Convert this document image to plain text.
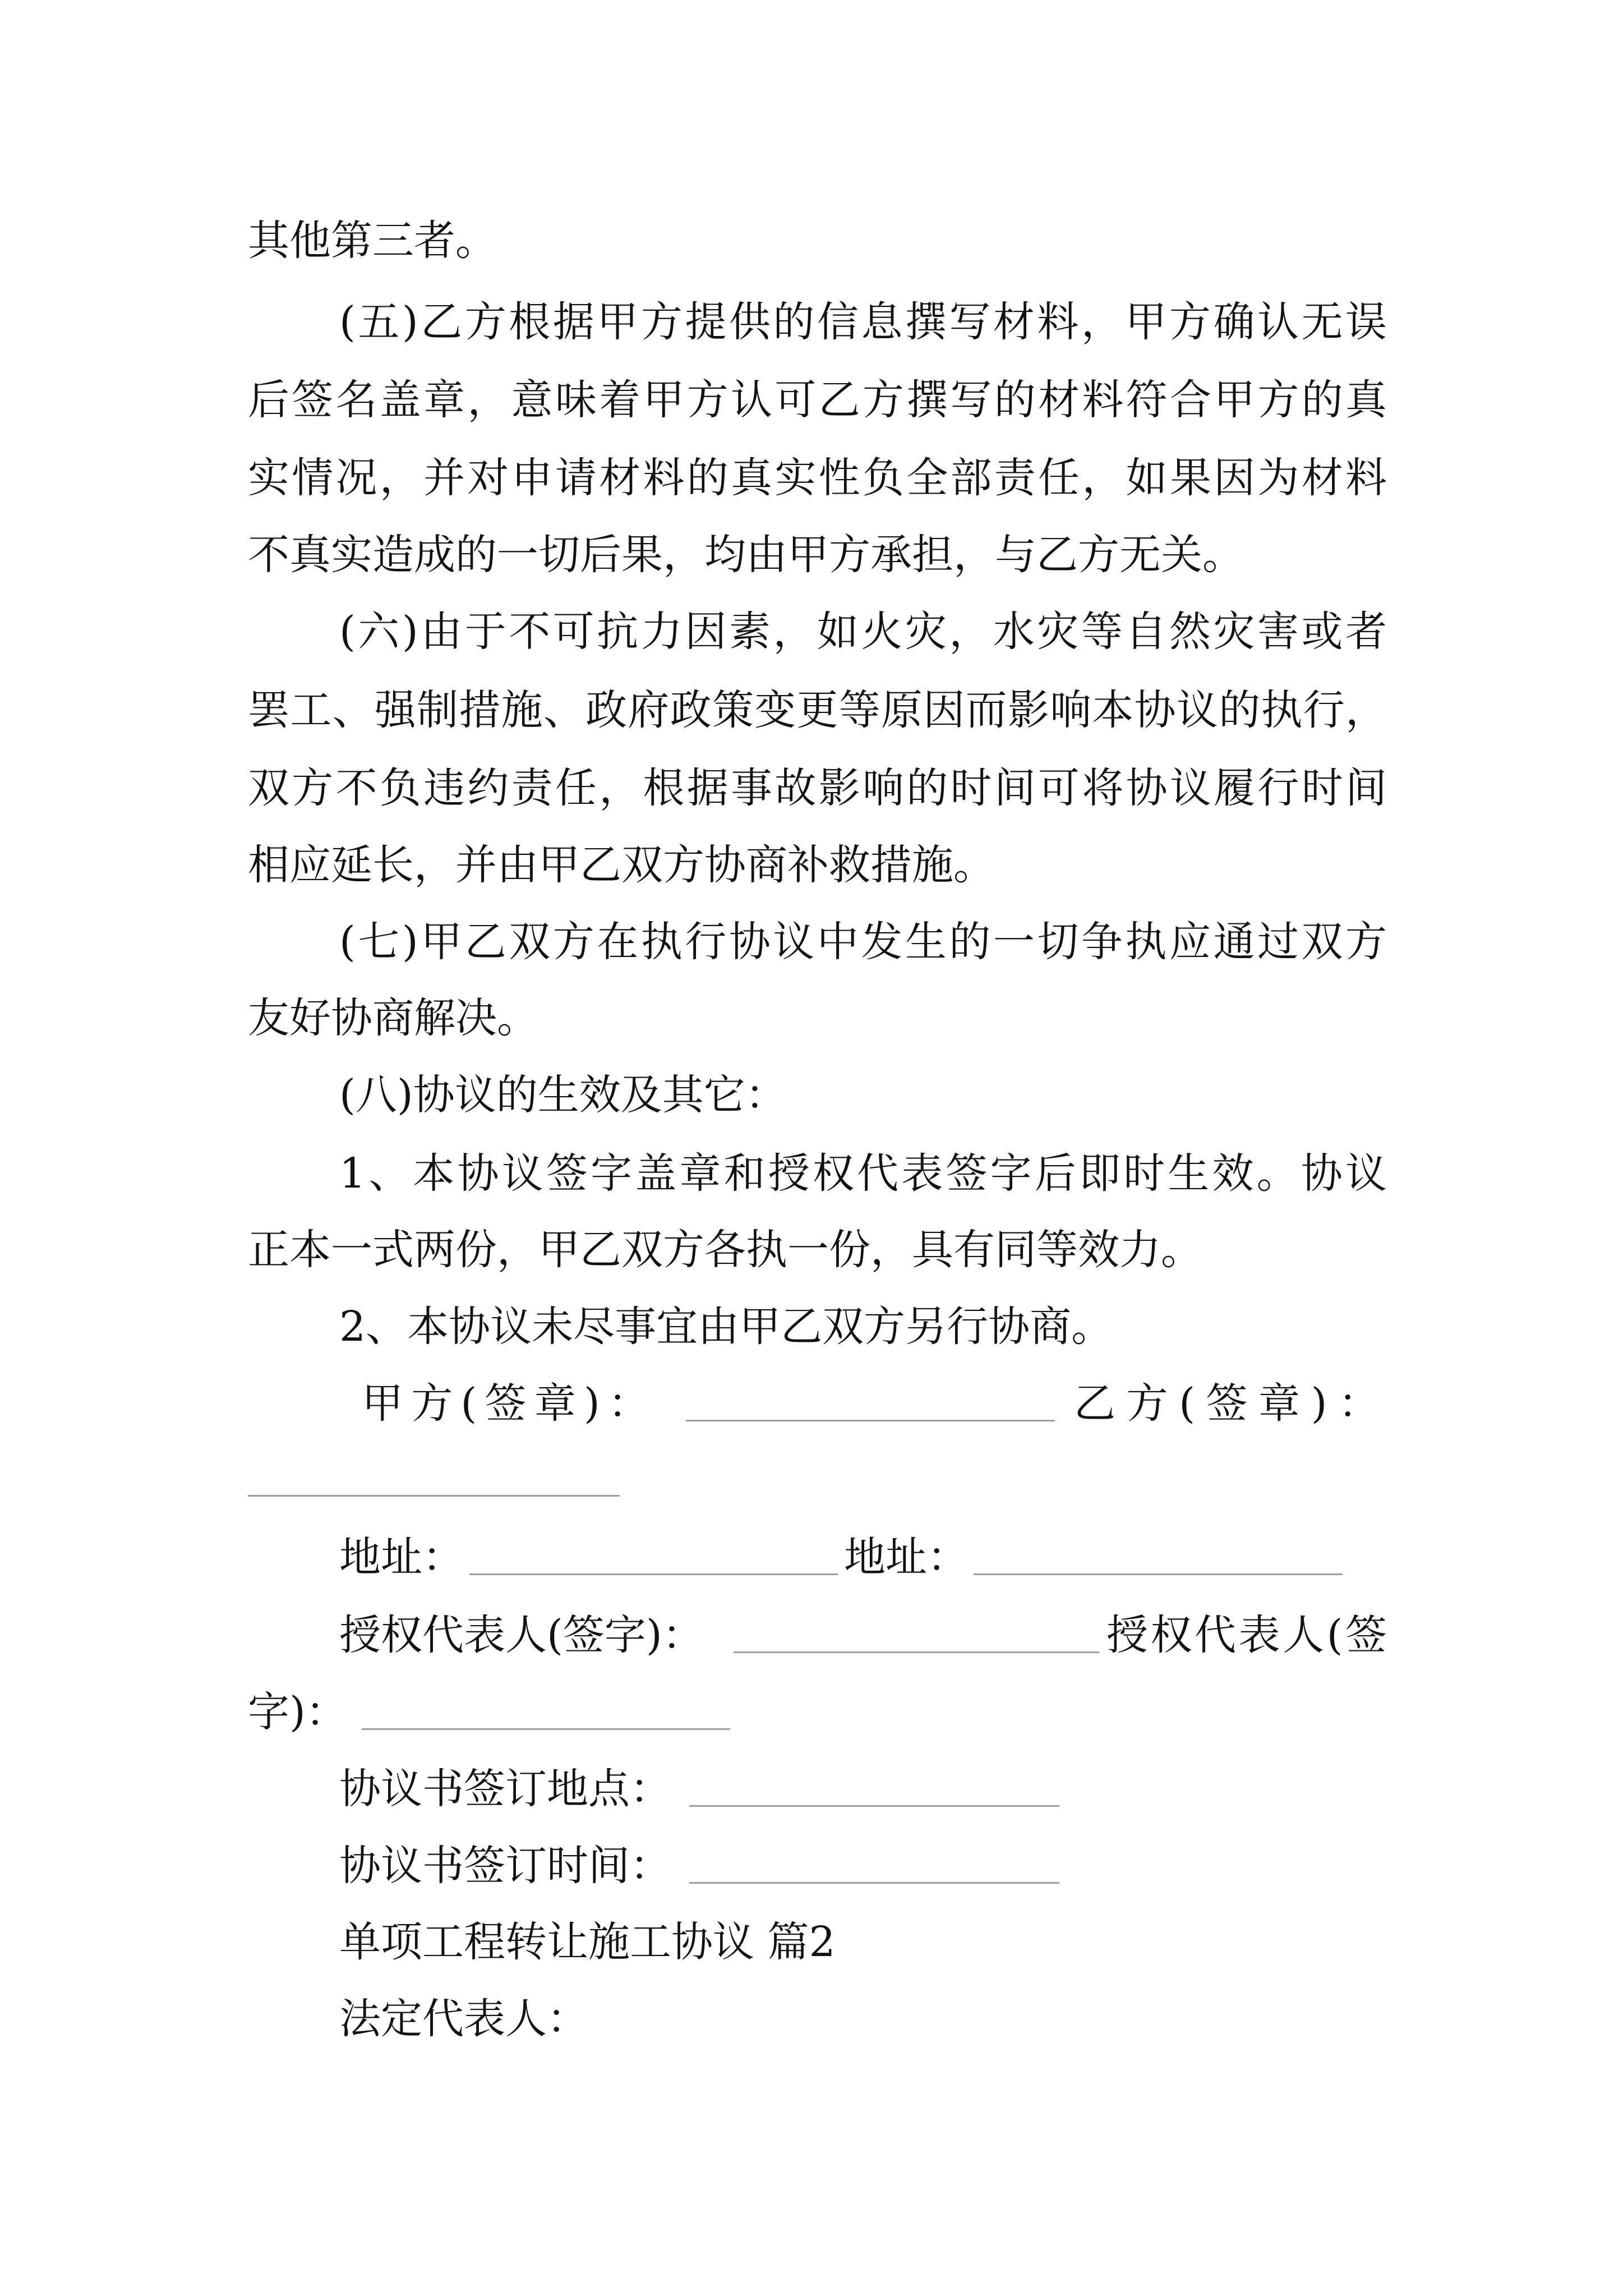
其他第三者。
(五)乙方根据甲方提供的信息撰写材料，甲方确认无误
后签名盖章，意味着甲方认可乙方撰写的材料符合甲方的真
实情况，并对申请材料的真实性负全部责任，如果因为材料
不真实造成的一切后果，均由甲方承担，与乙方无关。
(六)由于不可抗力因素，如火灾，水灾等自然灾害或者
罢工、强制措施、政府政策变更等原因而影响本协议的执行，
双方不负违约责任，根据事故影响的时间可将协议履行时间
相应延长，并由甲乙双方协商补救措施。
(七)甲乙双方在执行协议中发生的一切争执应通过双方
友好协商解决。
(八)协议的生效及其它：
1、本协议签字盖章和授权代表签字后即时生效。协议
正本一式两份，甲乙双方各执一份，具有同等效力。
2、本协议未尽事宜由甲乙双方另行协商。
甲方(签章)：	乙方(签章)：
地址：	地址：
授权代表人(签字)：	授权代表人(签
字)：
协议书签订地点：
协议书签订时间：
单项工程转让施工协议 篇2
法定代表人：
